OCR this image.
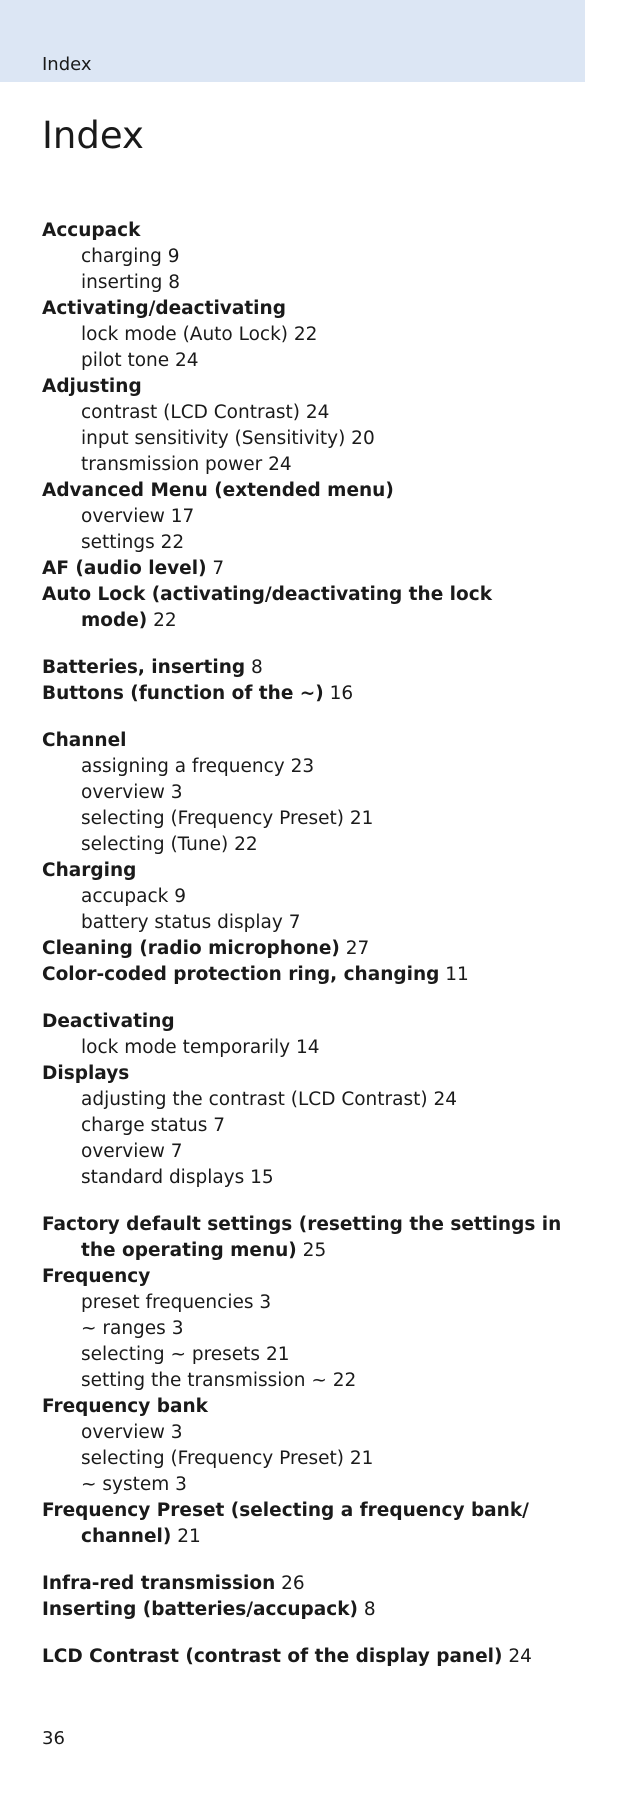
Index
Index
Accupack
charging 9
inserting 8
Activating/deactivating
lock mode (Auto Lock) 22
pilot tone 24
Adjusting
contrast (LCD Contrast) 24
input sensitivity (Sensitivity) 20
transmission power 24
Advanced Menu (extended menu)
overview 17
settings 22
AF (audio level) 7
Auto Lock (activating/deactivating the lock mode) 22
Batteries, inserting 8
Buttons (function of the ~) 16
Channel
assigning a frequency 23
overview 3
selecting (Frequency Preset) 21
selecting (Tune) 22
Charging
accupack 9
battery status display 7
Cleaning (radio microphone) 27
Color-coded protection ring, changing 11
Deactivating
lock mode temporarily 14
Displays
adjusting the contrast (LCD Contrast) 24
charge status 7
overview 7
standard displays 15
Factory default settings (resetting the settings in the operating menu) 25
Frequency
preset frequencies 3
~ ranges 3
selecting ~ presets 21
setting the transmission ~ 22
Frequency bank
overview 3
selecting (Frequency Preset) 21
~ system 3
Frequency Preset (selecting a frequency bank/ channel) 21
Infra-red transmission 26
Inserting (batteries/accupack) 8
LCD Contrast (contrast of the display panel) 24
36
